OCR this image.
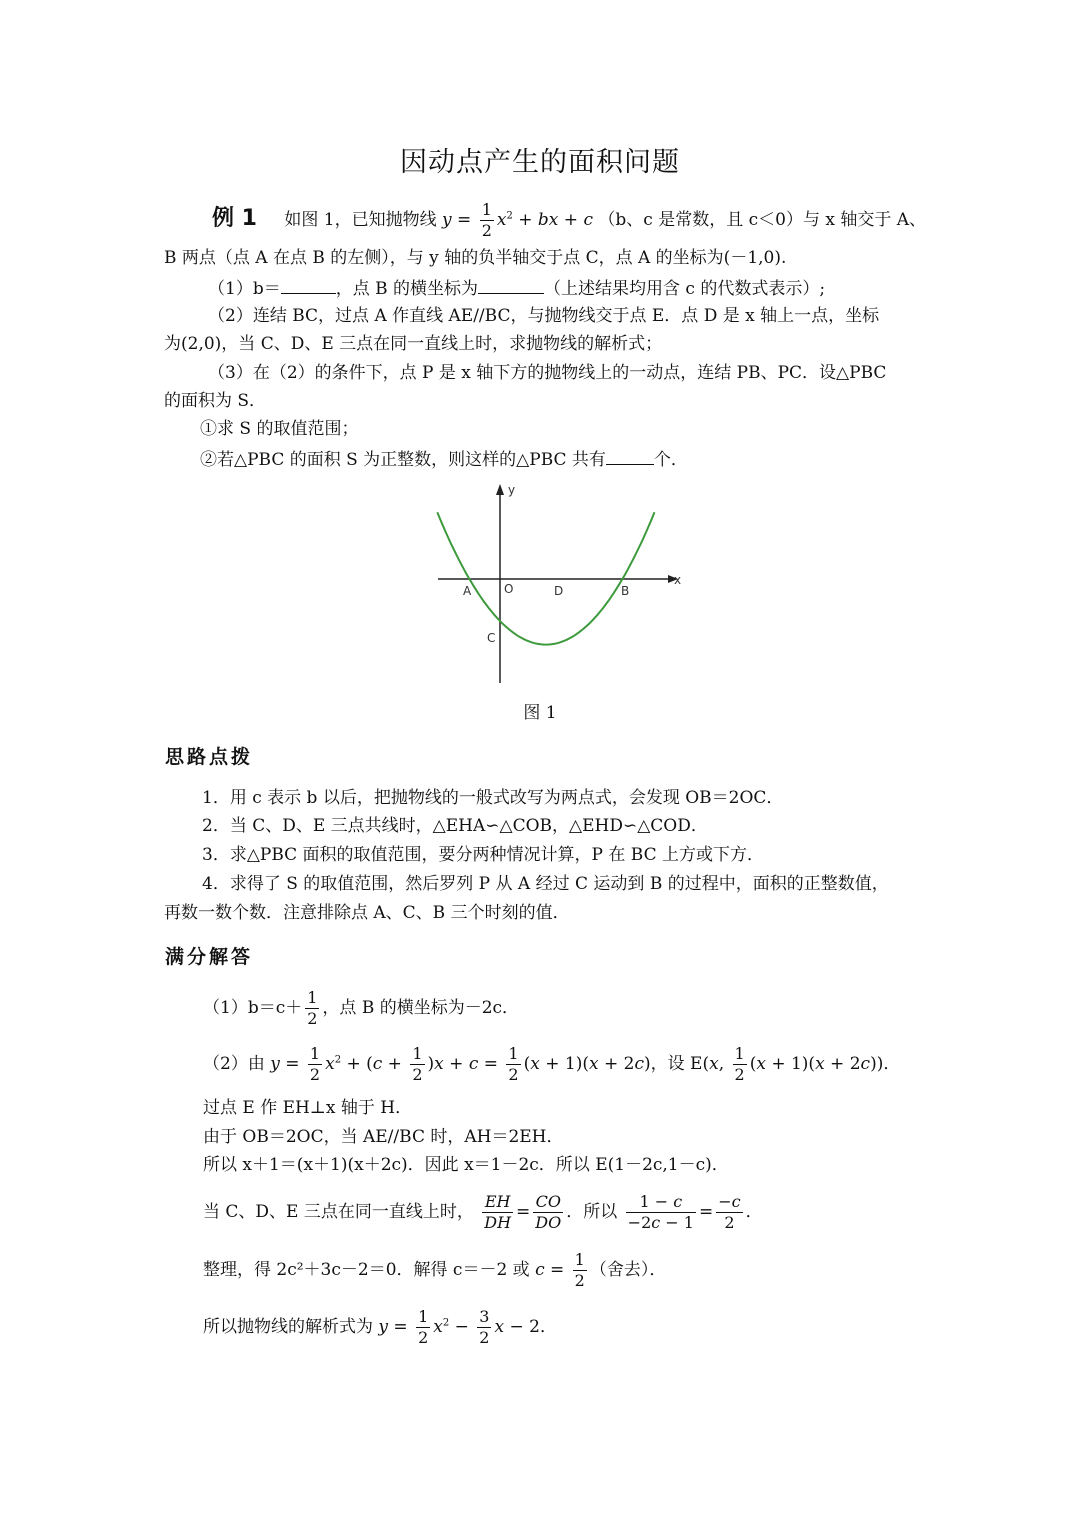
因动点产生的面积问题
例 1 如图 1，已知抛物线 $y = \frac{1}{2} x^2$ + bx + c （b、c 是常数，且 c＜0）与 x 轴交于 A、
B 两点（点 A 在点 B 的左侧），与 y 轴的负半轴交于点 C，点 A 的坐标为(－1,0).
（1）b＝	，点 B 的横坐标为	（上述结果均用含 c 的代数式表示）;
（2）连结 BC，过点 A 作直线 AE//BC，与抛物线交于点 E．点 D 是 x 轴上一点，坐标
为(2,0)，当 C、D、E 三点在同一直线上时，求抛物线的解析式；
（3）在（2）的条件下，点 P 是 x 轴下方的抛物线上的一动点，连结 PB、PC．设△PBC
的面积为 S．
①求 S 的取值范围；
②若△PBC 的面积 S 为正整数，则这样的△PBC 共有	个．
y
x
A	O	D	B
C
图 1
思路点拨
1．用 c 表示 b 以后，把抛物线的一般式改写为两点式，会发现 OB＝2OC．
2．当 C、D、E 三点共线时，△EHA∽△COB，△EHD∽△COD．
3．求△PBC 面积的取值范围，要分两种情况计算，P 在 BC 上方或下方．
4．求得了 S 的取值范围，然后罗列 P 从 A 经过 C 运动到 B 的过程中，面积的正整数值，
再数一数个数．注意排除点 A、C、B 三个时刻的值．
满分解答
$(1)b=c+ \frac{1}{2}$ ，点 B 的横坐标为－2c．
（2）由 $y = \frac{1}{2} x^2 + (c + \frac{1}{2} )x + c = \frac{1}{2} (x + 1)(x + 2c)$，设 E(x, $\frac{1}{2} (x + 1)(x + 2c)$)．
过点 E 作 EH⊥x 轴于 H．
由于 OB＝2OC，当 AE//BC 时，AH＝2EH．
所以 x＋1＝(x＋1)(x＋2c)．因此 x＝1－2c．所以 E(1－2c,1－c)．
当 C、D、E 三点在同一直线上时， $\frac{EH}{DH} = \frac{CO}{DO}$ ．所以 $\frac{1 - c}{-2c - 1} = \frac{-c}{2}$ ．
整理，得 2c²＋3c－2＝0．解得 c＝－2 或 $c = \frac{1}{2}$ （舍去）．
所以抛物线的解析式为 $y = \frac{1}{2} x^2 - \frac{3}{2}$ x − 2．
